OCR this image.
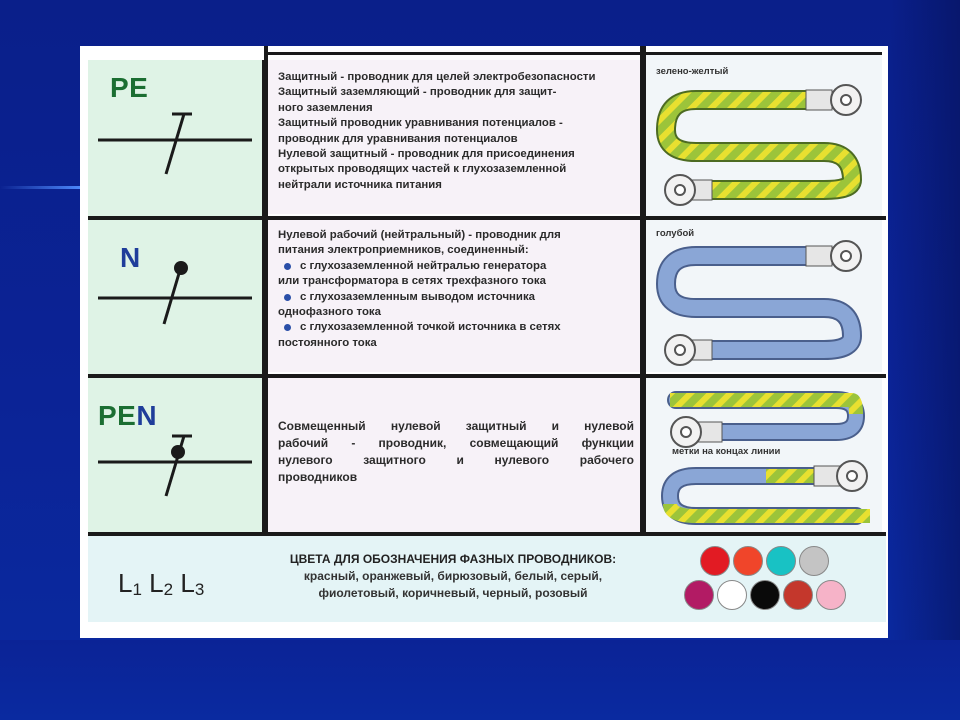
PE	Защитный - проводник для целей электробезопасности
Защитный заземляющий - проводник для защит-
ного заземления
Защитный проводник уравнивания потенциалов -
проводник для уравнивания потенциалов
Нулевой защитный - проводник для присоединения
открытых проводящих частей к глухозаземленной
нейтрали источника питания
зелено-желтый
N
Нулевой рабочий (нейтральный) - проводник для
питания электроприемников, соединенный:
с глухозаземленной нейтралью генератора
или трансформатора в сетях трехфазного тока
с глухозаземленным выводом источника
однофазного тока
с глухозаземленной точкой источника в сетях
постоянного тока
голубой
PEN	Совмещенный нулевой защитный и нулевой
рабочий - проводник, совмещающий функции
нулевого защитного и нулевого рабочего
проводников
метки на концах линии
$L_1$ $L_2$ $L_3$
ЦВЕТА ДЛЯ ОБОЗНАЧЕНИЯ ФАЗНЫХ ПРОВОДНИКОВ:
красный, оранжевый, бирюзовый, белый, серый,
фиолетовый, коричневый, черный, розовый
